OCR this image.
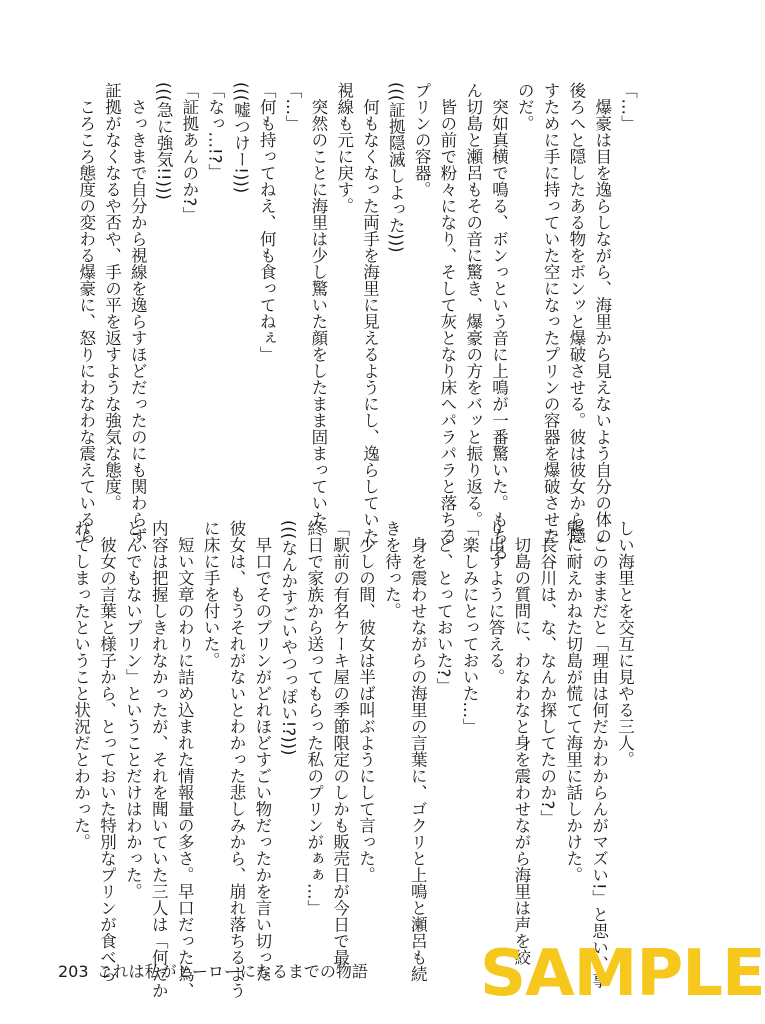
「…」

　爆豪は目を逸らしながら、海里から見えないよう自分の体の

後ろへと隠したある物をボンッと爆破させる。彼は彼女から隠

すために手に持っていた空になったプリンの容器を爆破させた

のだ。

　突如真横で鳴る、ボンっという音に上鳴が一番驚いた。もちろ

ん切島と瀬呂もその音に驚き、爆豪の方をバッと振り返る。

　皆の前で粉々になり、そして灰となり床へパラパラと落ちる

プリンの容器。

(((証拠隠滅しよった)))

　何もなくなった両手を海里に見えるようにし、逸らしていた

視線も元に戻す。

　突然のことに海里は少し驚いた顔をしたまま固まっていた。

「…」

「何も持ってねえ、何も食ってねぇ」

(((嘘つけー!)))

「なっ…!?」

「証拠あんのか?」

(((急に強気!!)))

　さっきまで自分から視線を逸らすほどだったのにも関わらず、

証拠がなくなるや否や、手の平を返すような強気な態度。

　ころころ態度の変わる爆豪に、怒りにわなわな震えているら

しい海里とを交互に見やる三人。

　このままだと「理由は何だかわからんがマズい!」と思い、事

態に耐えかねた切島が慌てて海里に話しかけた。

「長谷川は、な、なんか探してたのか?」

　切島の質問に、わなわなと身を震わせながら海里は声を絞

り出すように答える。

「楽しみにとっておいた…」

「と、とっておいた?」

　身を震わせながらの海里の言葉に、ゴクリと上鳴と瀬呂も続

きを待った。

　少しの間、彼女は半ば叫ぶようにして言った。

「駅前の有名ケーキ屋の季節限定のしかも販売日が今日で最

終日で家族から送ってもらった私のプリンがぁぁ…」

(((なんかすごいやつっぽい!?)))

　早口でそのプリンがどれほどすごい物だったかを言い切った

彼女は、もうそれがないとわかった悲しみから、崩れ落ちるよう

に床に手を付いた。

　短い文章のわりに詰め込まれた情報量の多さ。早口だった為、

内容は把握しきれなかったが、それを聞いていた三人は「何だか

とんでもないプリン」ということだけはわかった。

　彼女の言葉と様子から、とっておいた特別なプリンが食べら

れてしまったということ状況だとわかった。

203 これは私がヒーローになるまでの物語 SAMPLE
